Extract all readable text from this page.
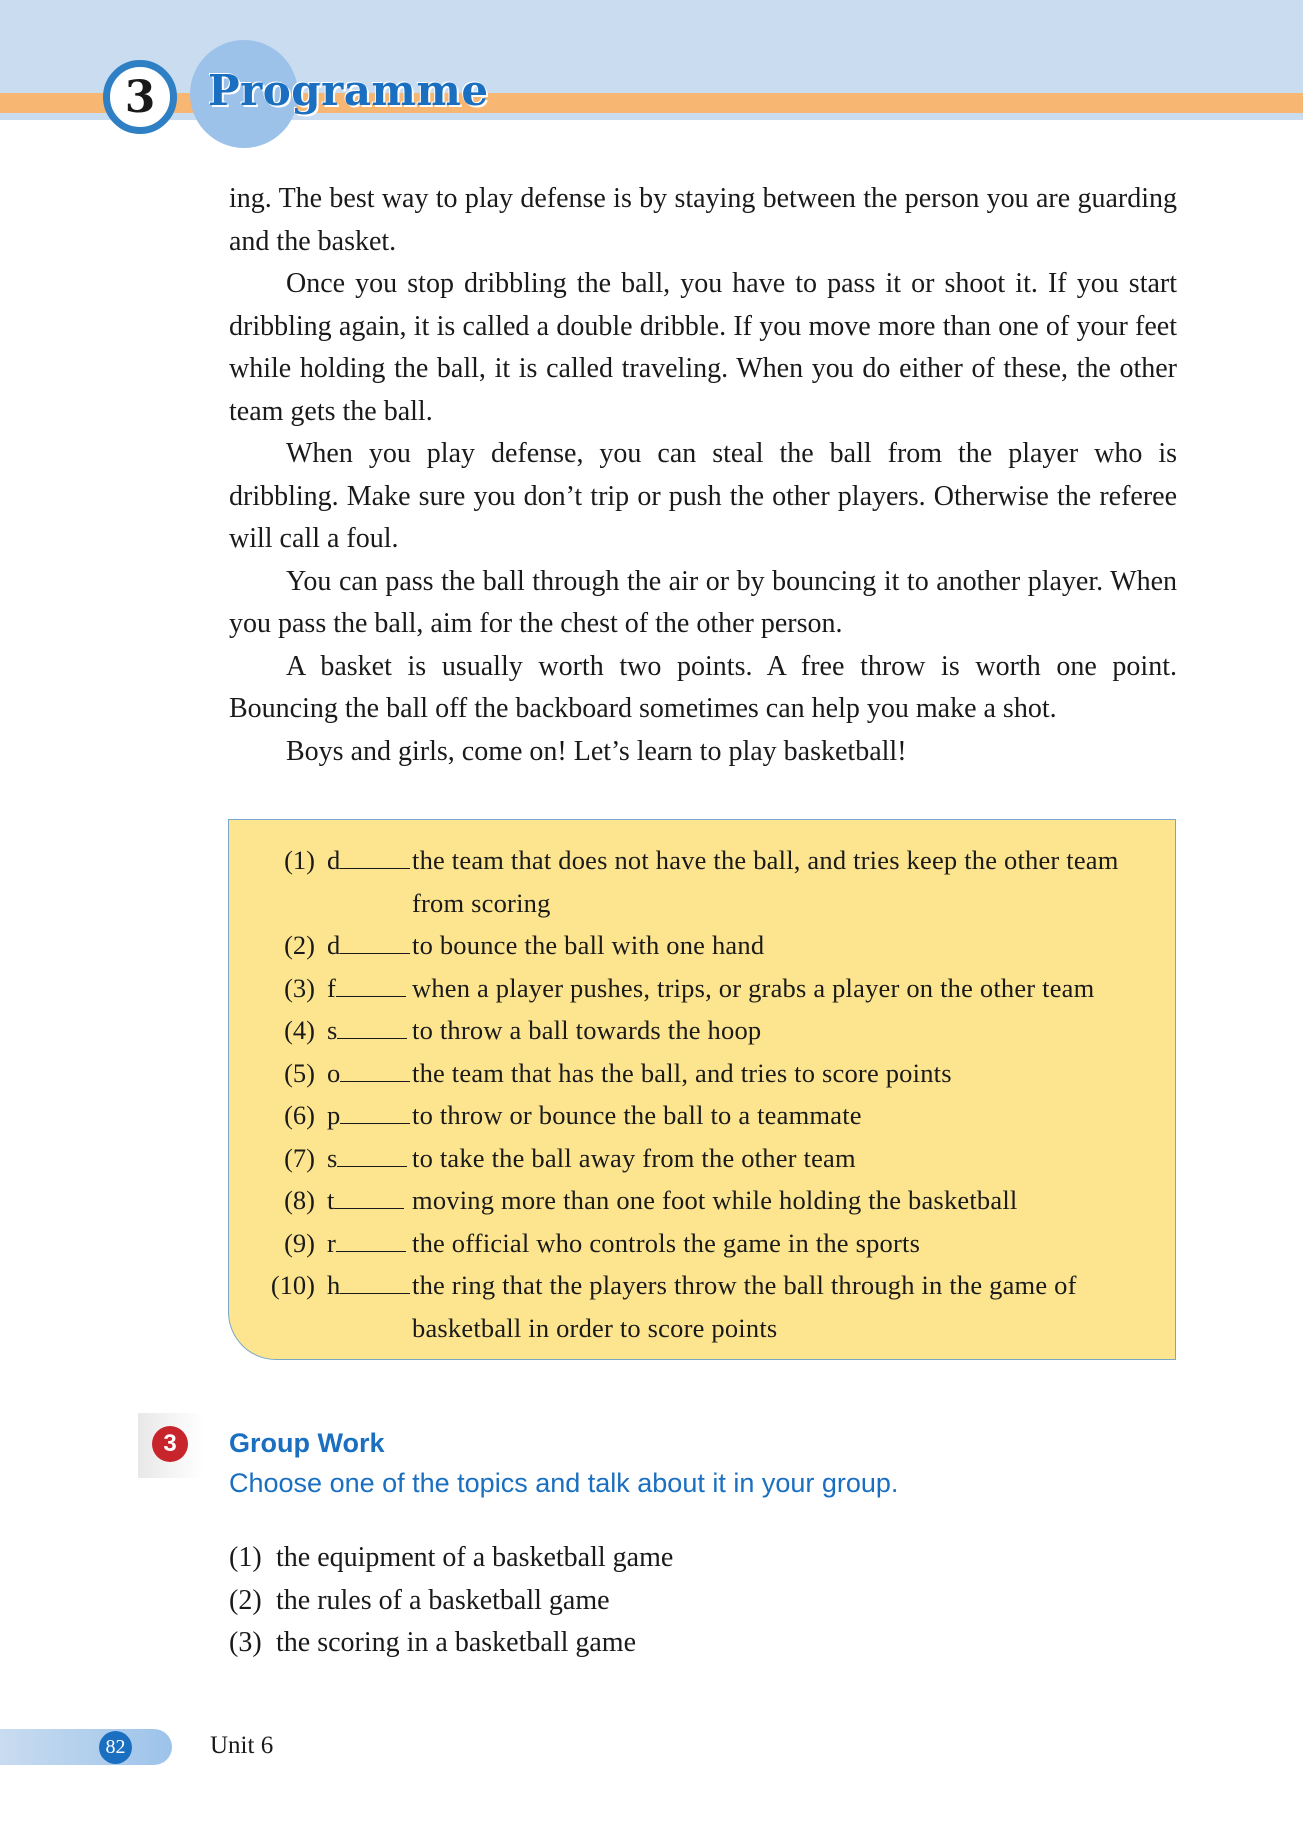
3	Programme

ing. The best way to play defense is by staying between the person you are guarding and the basket.

Once you stop dribbling the ball, you have to pass it or shoot it. If you start dribbling again, it is called a double dribble. If you move more than one of your feet while holding the ball, it is called traveling. When you do either of these, the other team gets the ball.

When you play defense, you can steal the ball from the player who is dribbling. Make sure you don’t trip or push the other players. Otherwise the referee will call a foul.

You can pass the ball through the air or by bouncing it to another player. When you pass the ball, aim for the chest of the other person.

A basket is usually worth two points. A free throw is worth one point. Bouncing the ball off the backboard sometimes can help you make a shot.

Boys and girls, come on! Let’s learn to play basketball!

(1) d	the team that does not have the ball, and tries keep the other team from scoring
(2) d	to bounce the ball with one hand
(3) f	when a player pushes, trips, or grabs a player on the other team
(4) s	to throw a ball towards the hoop
(5) o	the team that has the ball, and tries to score points
(6) p	to throw or bounce the ball to a teammate
(7) s	to take the ball away from the other team
(8) t	moving more than one foot while holding the basketball
(9) r	the official who controls the game in the sports
(10) h	the ring that the players throw the ball through in the game of basketball in order to score points
3	Group Work
Choose one of the topics and talk about it in your group.
(1) the equipment of a basketball game
(2) the rules of a basketball game
(3) the scoring in a basketball game
82	Unit 6
